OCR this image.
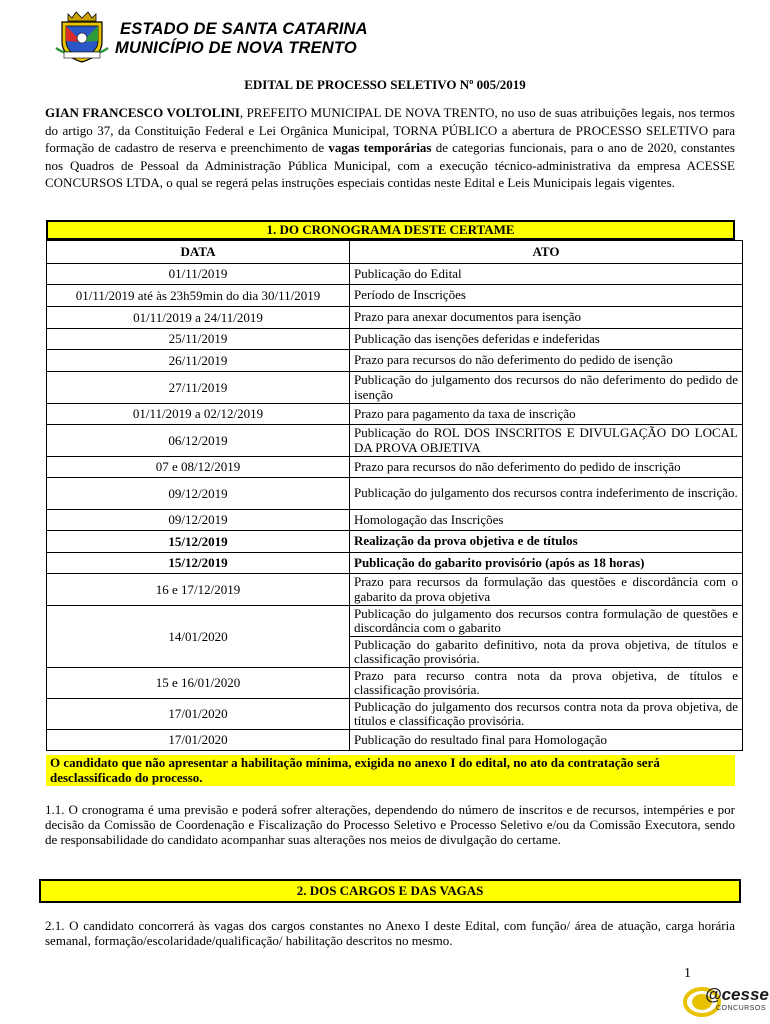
ESTADO DE SANTA CATARINA
MUNICÍPIO DE NOVA TRENTO
EDITAL DE PROCESSO SELETIVO Nº 005/2019
GIAN FRANCESCO VOLTOLINI, PREFEITO MUNICIPAL DE NOVA TRENTO, no uso de suas atribuições legais, nos termos do artigo 37, da Constituição Federal e Lei Orgânica Municipal, TORNA PÚBLICO a abertura de PROCESSO SELETIVO para formação de cadastro de reserva e preenchimento de vagas temporárias de categorias funcionais, para o ano de 2020, constantes nos Quadros de Pessoal da Administração Pública Municipal, com a execução técnico-administrativa da empresa ACESSE CONCURSOS LTDA, o qual se regerá pelas instruções especiais contidas neste Edital e Leis Municipais legais vigentes.
1. DO CRONOGRAMA DESTE CERTAME
DATA	ATO
01/11/2019	Publicação do Edital
01/11/2019 até às 23h59min do dia 30/11/2019	Período de Inscrições
01/11/2019 a 24/11/2019	Prazo para anexar documentos para isenção
25/11/2019	Publicação das isenções deferidas e indeferidas
26/11/2019	Prazo para recursos do não deferimento do pedido de isenção
27/11/2019	Publicação do julgamento dos recursos do não deferimento do pedido de isenção
01/11/2019 a 02/12/2019	Prazo para pagamento da taxa de inscrição
06/12/2019	Publicação do ROL DOS INSCRITOS E DIVULGAÇÃO DO LOCAL DA PROVA OBJETIVA
07 e 08/12/2019	Prazo para recursos do não deferimento do pedido de inscrição
09/12/2019	Publicação do julgamento dos recursos contra indeferimento de inscrição.
09/12/2019	Homologação das Inscrições
15/12/2019	Realização da prova objetiva e de títulos
15/12/2019	Publicação do gabarito provisório (após as 18 horas)
16 e 17/12/2019	Prazo para recursos da formulação das questões e discordância com o gabarito da prova objetiva
14/01/2020	Publicação do julgamento dos recursos contra formulação de questões e discordância com o gabarito
	Publicação do gabarito definitivo, nota da prova objetiva, de títulos e classificação provisória.
15 e 16/01/2020	Prazo para recurso contra nota da prova objetiva, de títulos e classificação provisória.
17/01/2020	Publicação do julgamento dos recursos contra nota da prova objetiva, de títulos e classificação provisória.
17/01/2020	Publicação do resultado final para Homologação
O candidato que não apresentar a habilitação mínima, exigida no anexo I do edital, no ato da contratação será desclassificado do processo.
1.1. O cronograma é uma previsão e poderá sofrer alterações, dependendo do número de inscritos e de recursos, intempéries e por decisão da Comissão de Coordenação e Fiscalização do Processo Seletivo e Processo Seletivo e/ou da Comissão Executora, sendo de responsabilidade do candidato acompanhar suas alterações nos meios de divulgação do certame.
2. DOS CARGOS E DAS VAGAS
2.1. O candidato concorrerá às vagas dos cargos constantes no Anexo I deste Edital, com função/ área de atuação, carga horária semanal, formação/escolaridade/qualificação/ habilitação descritos no mesmo.
1
@cesse
CONCURSOS
